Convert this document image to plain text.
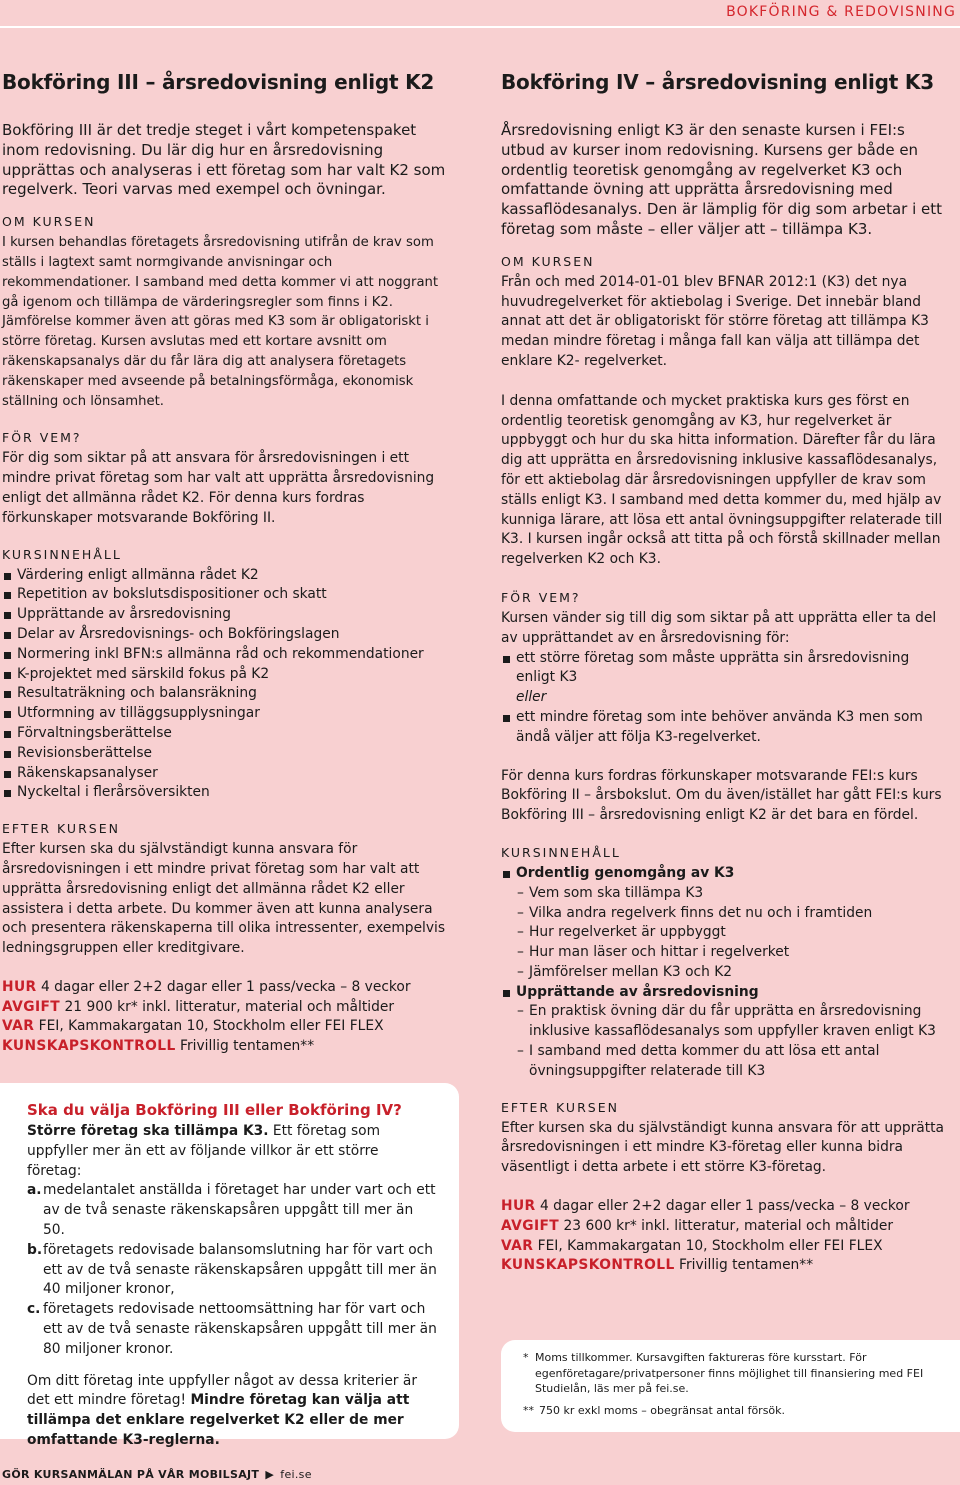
BOKFÖRING & REDOVISNING
Bokföring III – årsredovisning enligt K2

Bokföring III är det tredje steget i vårt kompetenspaket inom redovisning. Du lär dig hur en årsredovisning upprättas och analyseras i ett företag som har valt K2 som regelverk. Teori varvas med exempel och övningar.

OM KURSEN

I kursen behandlas företagets årsredovisning utifrån de krav som ställs i lagtext samt normgivande anvisningar och rekommendationer. I samband med detta kommer vi att noggrant gå igenom och tillämpa de värderingsregler som finns i K2. Jämförelse kommer även att göras med K3 som är obligatoriskt i större företag. Kursen avslutas med ett kortare avsnitt om räkenskapsanalys där du får lära dig att analysera företagets räkenskaper med avseende på betalningsförmåga, ekonomisk ställning och lönsamhet.

FÖR VEM?

För dig som siktar på att ansvara för årsredovisningen i ett mindre privat företag som har valt att upprätta årsredovisning enligt det allmänna rådet K2. För denna kurs fordras förkunskaper motsvarande Bokföring II.

KURSINNEHÅLL
Värdering enligt allmänna rådet K2
Repetition av bokslutsdispositioner och skatt
Upprättande av årsredovisning
Delar av Årsredovisnings- och Bokföringslagen
Normering inkl BFN:s allmänna råd och rekommendationer
K-projektet med särskild fokus på K2
Resultaträkning och balansräkning
Utformning av tilläggsupplysningar
Förvaltningsberättelse
Revisionsberättelse
Räkenskapsanalyser
Nyckeltal i flerårsöversikten
EFTER KURSEN

Efter kursen ska du självständigt kunna ansvara för årsredovisningen i ett mindre privat företag som har valt att upprätta årsredovisning enligt det allmänna rådet K2 eller assistera i detta arbete. Du kommer även att kunna analysera och presentera räkenskaperna till olika intressenter, exempelvis ledningsgruppen eller kreditgivare.

HUR 4 dagar eller 2+2 dagar eller 1 pass/vecka – 8 veckor

AVGIFT 21 900 kr* inkl. litteratur, material och måltider

VAR FEI, Kammakargatan 10, Stockholm eller FEI FLEX

KUNSKAPSKONTROLL Frivillig tentamen**

Ska du välja Bokföring III eller Bokföring IV?

Större företag ska tillämpa K3. Ett företag som uppfyller mer än ett av följande villkor är ett större företag:

a. medelantalet anställda i företaget har under vart och ett av de två senaste räkenskapsåren uppgått till mer än 50.
b. företagets redovisade balansomslutning har för vart och ett av de två senaste räkenskapsåren uppgått till mer än 40 miljoner kronor,
c. företagets redovisade nettoomsättning har för vart och ett av de två senaste räkenskapsåren uppgått till mer än 80 miljoner kronor.

Om ditt företag inte uppfyller något av dessa kriterier är det ett mindre företag! Mindre företag kan välja att tillämpa det enklare regelverket K2 eller de mer omfattande K3-reglerna.

Bokföring IV – årsredovisning enligt K3

Årsredovisning enligt K3 är den senaste kursen i FEI:s utbud av kurser inom redovisning. Kursens ger både en ordentlig teoretisk genomgång av regelverket K3 och omfattande övning att upprätta årsredovisning med kassaflödesanalys. Den är lämplig för dig som arbetar i ett företag som måste – eller väljer att – tillämpa K3.

OM KURSEN

Från och med 2014-01-01 blev BFNAR 2012:1 (K3) det nya huvudregelverket för aktiebolag i Sverige. Det innebär bland annat att det är obligatoriskt för större företag att tillämpa K3 medan mindre företag i många fall kan välja att tillämpa det enklare K2- regelverket.

I denna omfattande och mycket praktiska kurs ges först en ordentlig teoretisk genomgång av K3, hur regelverket är uppbyggt och hur du ska hitta information. Därefter får du lära dig att upprätta en årsredovisning inklusive kassaflödesanalys, för ett aktiebolag där årsredovisningen uppfyller de krav som ställs enligt K3. I samband med detta kommer du, med hjälp av kunniga lärare, att lösa ett antal övningsuppgifter relaterade till K3. I kursen ingår också att titta på och förstå skillnader mellan regelverken K2 och K3.

FÖR VEM?

Kursen vänder sig till dig som siktar på att upprätta eller ta del av upprättandet av en årsredovisning för:

ett större företag som måste upprätta sin årsredovisning enligt K3

eller

ett mindre företag som inte behöver använda K3 men som ändå väljer att följa K3-regelverket.

För denna kurs fordras förkunskaper motsvarande FEI:s kurs Bokföring II – årsbokslut. Om du även/istället har gått FEI:s kurs Bokföring III – årsredovisning enligt K2 är det bara en fördel.

KURSINNEHÅLL
Ordentlig genomgång av K3
– Vem som ska tillämpa K3
– Vilka andra regelverk finns det nu och i framtiden
– Hur regelverket är uppbyggt
– Hur man läser och hittar i regelverket
– Jämförelser mellan K3 och K2
Upprättande av årsredovisning
– En praktisk övning där du får upprätta en årsredovisning inklusive kassaflödesanalys som uppfyller kraven enligt K3
– I samband med detta kommer du att lösa ett antal övningsuppgifter relaterade till K3
EFTER KURSEN

Efter kursen ska du självständigt kunna ansvara för att upprätta årsredovisningen i ett mindre K3-företag eller kunna bidra väsentligt i detta arbete i ett större K3-företag.

HUR 4 dagar eller 2+2 dagar eller 1 pass/vecka – 8 veckor

AVGIFT 23 600 kr* inkl. litteratur, material och måltider

VAR FEI, Kammakargatan 10, Stockholm eller FEI FLEX

KUNSKAPSKONTROLL Frivillig tentamen**

* Moms tillkommer. Kursavgiften faktureras före kursstart. För egenföretagare/privatpersoner finns möjlighet till finansiering med FEI Studielån, läs mer på fei.se.
** 750 kr exkl moms – obegränsat antal försök.
GÖR KURSANMÄLAN PÅ VÅR MOBILSAJT ▶ fei.se
